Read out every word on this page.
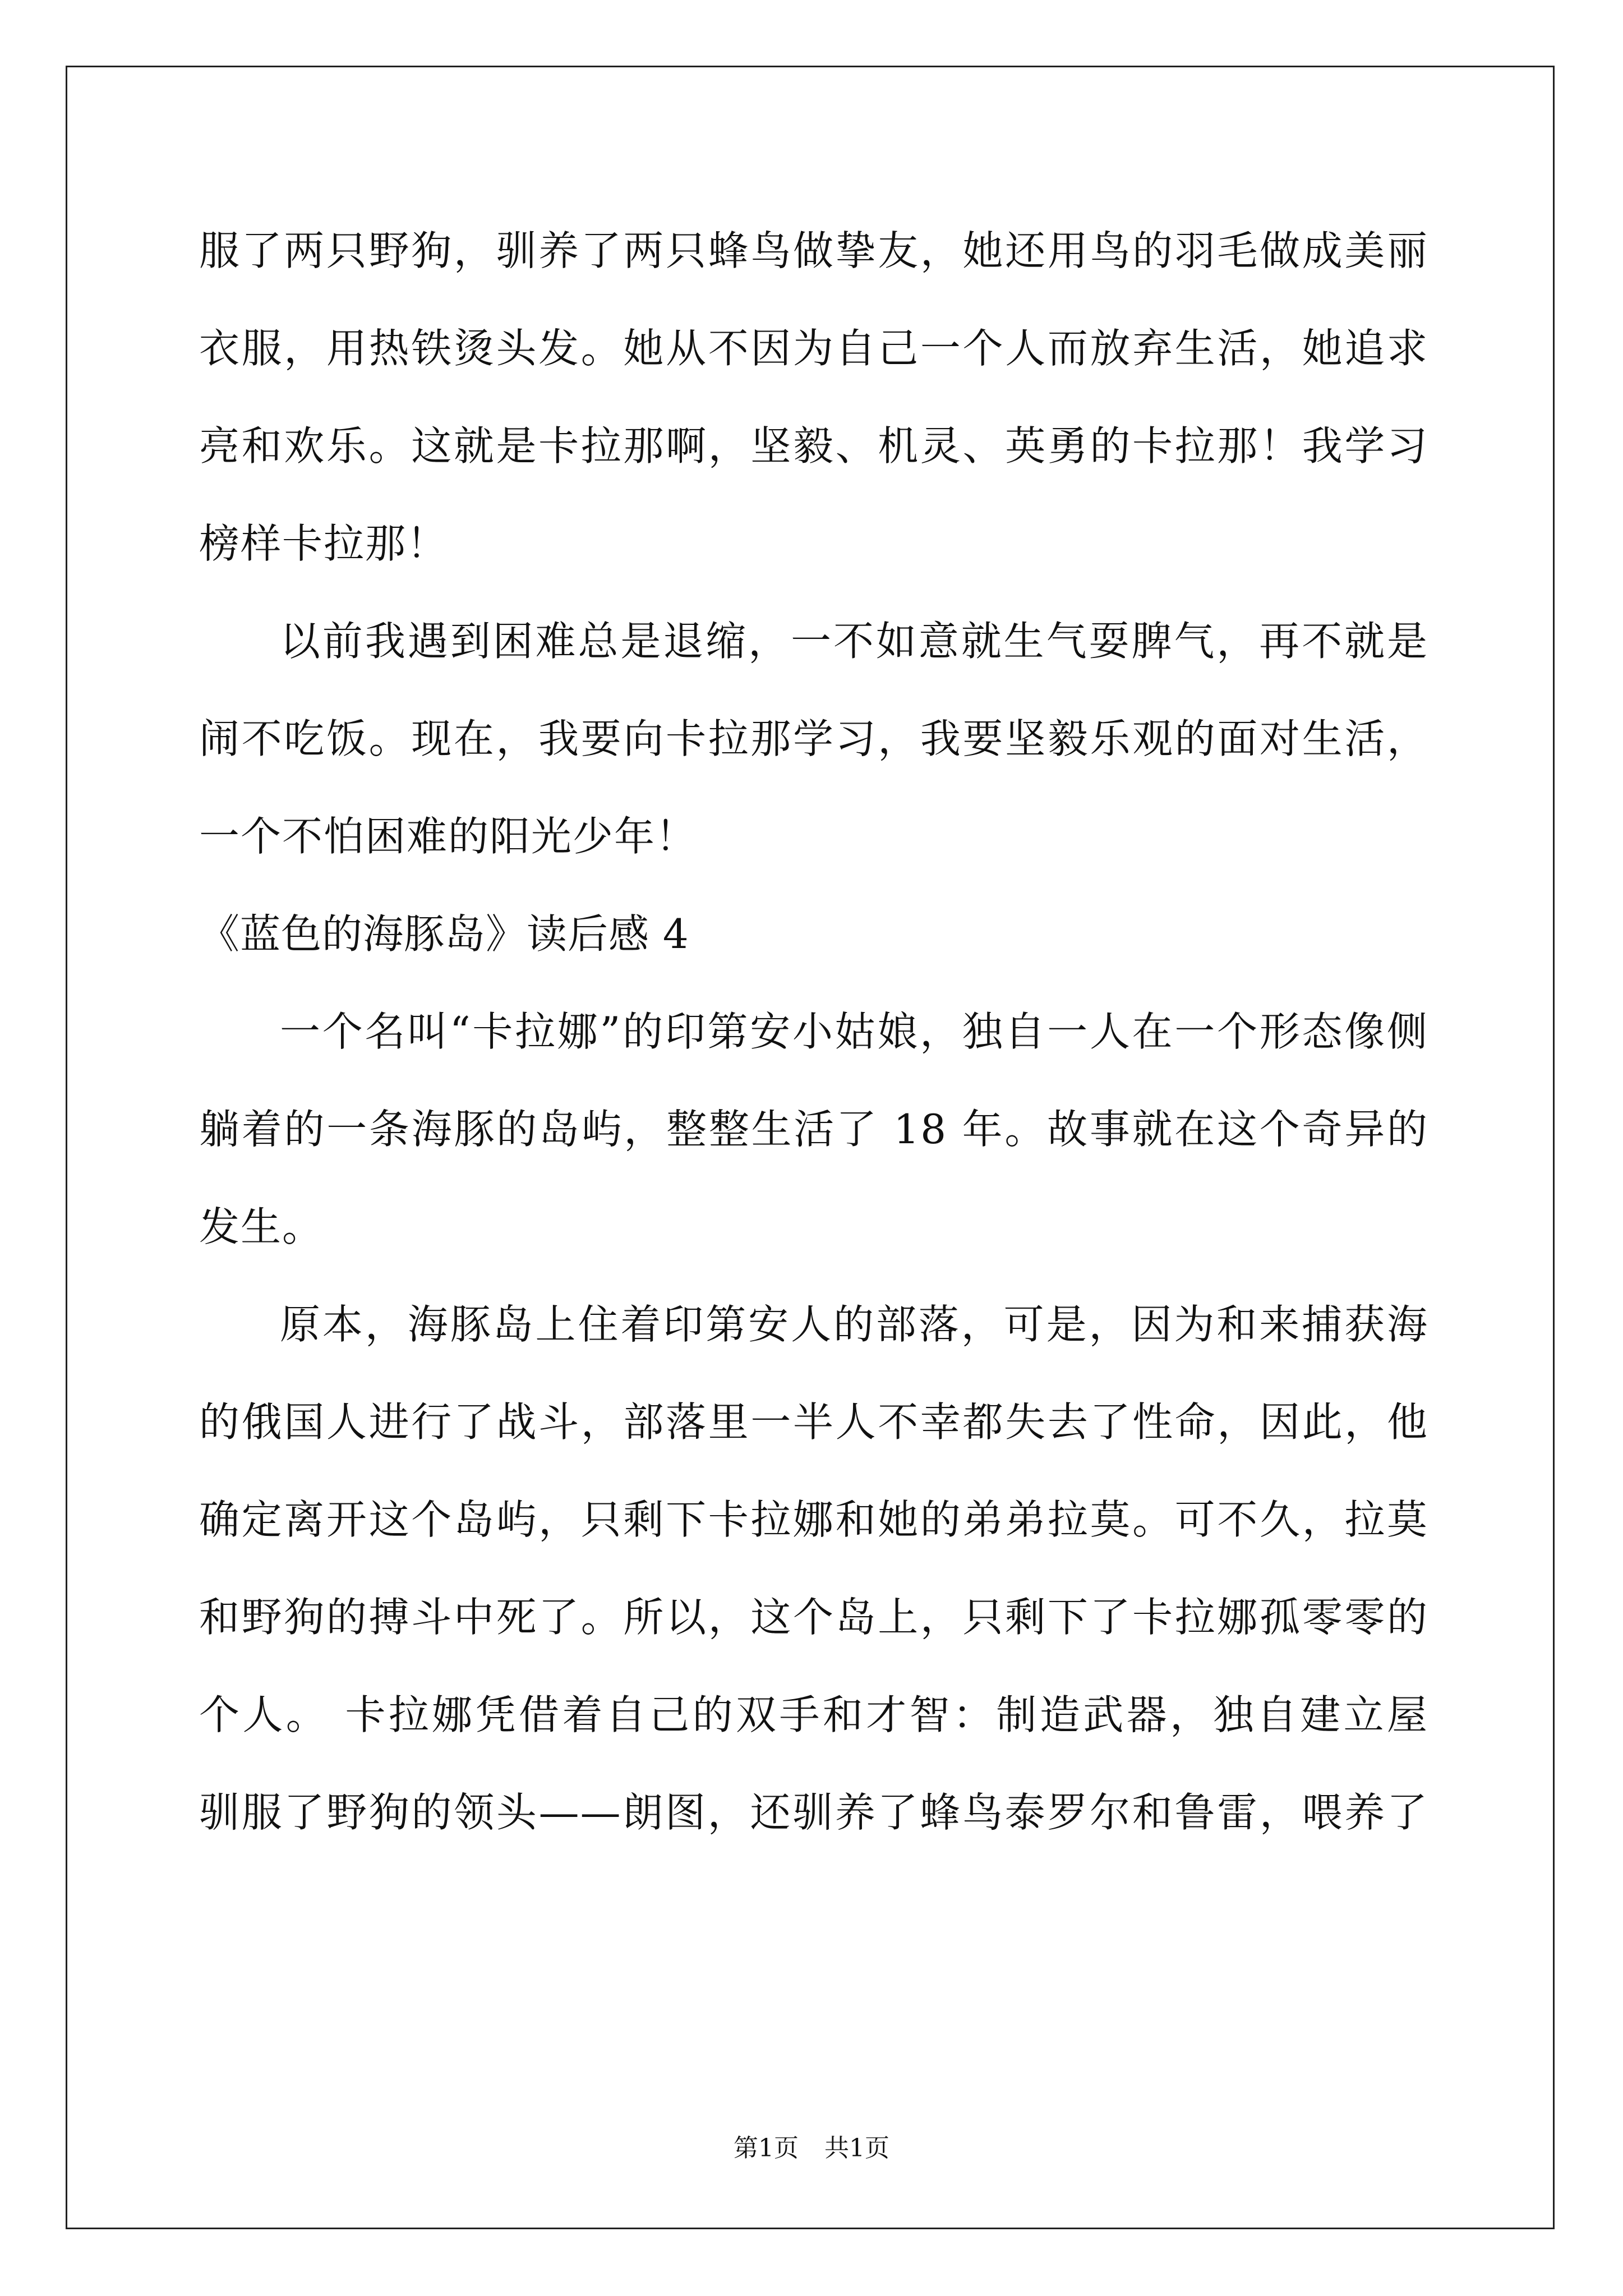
服了两只野狗，驯养了两只蜂鸟做挚友，她还用鸟的羽毛做成美丽
衣服，用热铁烫头发。她从不因为自己一个人而放弃生活，她追求
亮和欢乐。这就是卡拉那啊，坚毅、机灵、英勇的卡拉那！我学习
榜样卡拉那！
以前我遇到困难总是退缩，一不如意就生气耍脾气，再不就是
闹不吃饭。现在，我要向卡拉那学习，我要坚毅乐观的面对生活，
一个不怕困难的阳光少年！
《蓝色的海豚岛》读后感 4
一个名叫“卡拉娜”的印第安小姑娘，独自一人在一个形态像侧
躺着的一条海豚的岛屿，整整生活了 18 年。故事就在这个奇异的
发生。
原本，海豚岛上住着印第安人的部落，可是，因为和来捕获海
的俄国人进行了战斗，部落里一半人不幸都失去了性命，因此，他
确定离开这个岛屿，只剩下卡拉娜和她的弟弟拉莫。可不久，拉莫
和野狗的搏斗中死了。所以，这个岛上，只剩下了卡拉娜孤零零的
个人。 卡拉娜凭借着自己的双手和才智：制造武器，独自建立屋
驯服了野狗的领头——朗图，还驯养了蜂鸟泰罗尔和鲁雷，喂养了
第1页 共1页
